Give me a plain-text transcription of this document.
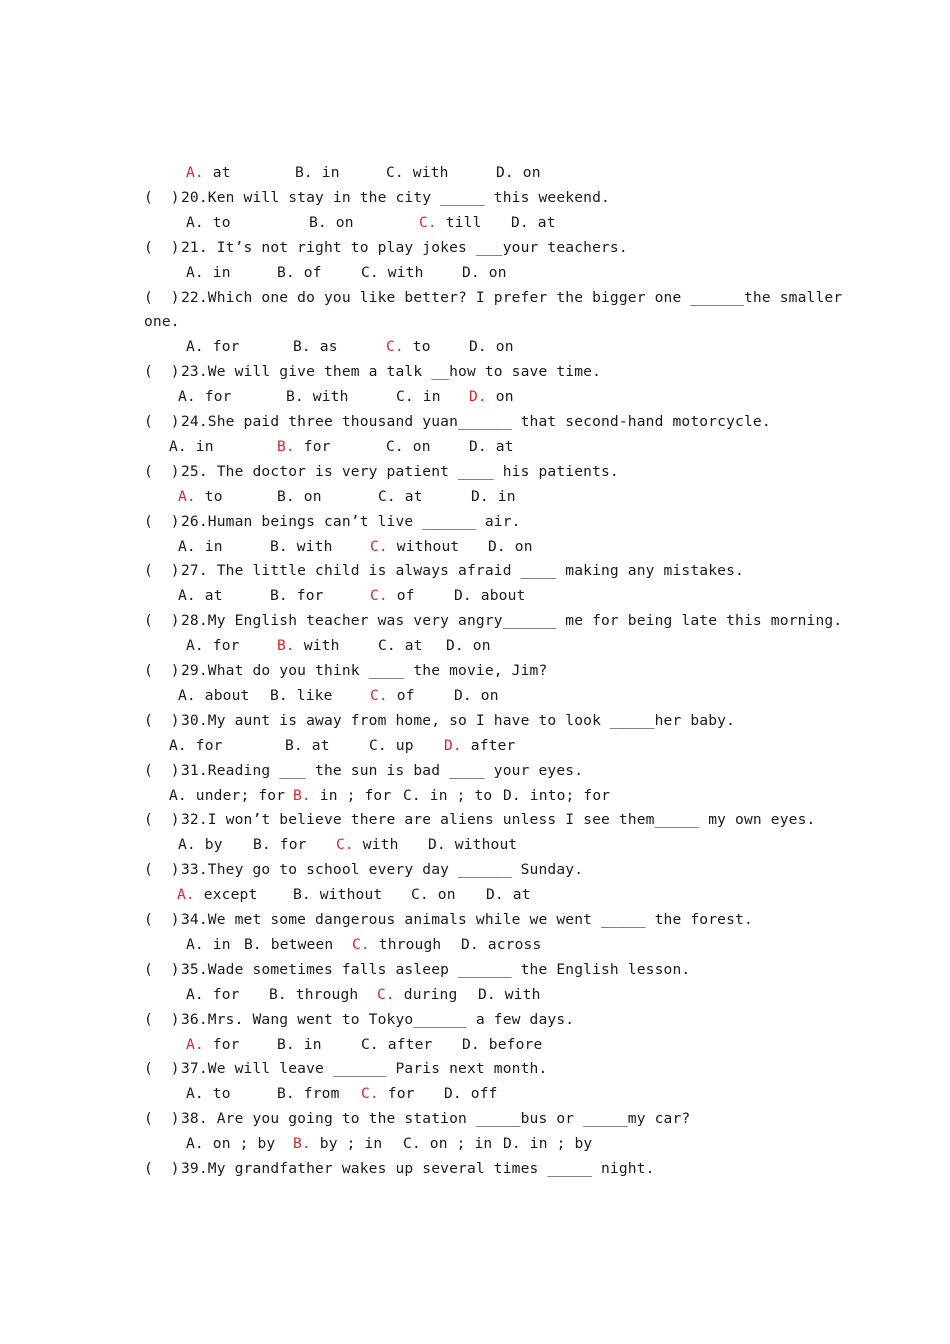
A. at	B. in	C. with	D. on
(  )20.Ken will stay in the city _____ this weekend.
A. to	B. on	C. till D. at
(  )21. It’s not right to play jokes ___your teachers.
A. in	B. of	C. with	D. on
(  )22.Which one do you like better? I prefer the bigger one ______the smaller
one.
A. for	B. as	C. to	D. on
(  )23.We will give them a talk __how to save time.
A. for	B. with	C. in D. on
(  )24.She paid three thousand yuan______ that second-hand motorcycle.
A. in	B. for	C. on	D. at
(  )25. The doctor is very patient ____ his patients.
A. to	B. on	C. at	D. in
(  )26.Human beings can’t live ______ air.
A. in	B. with	C. without D. on
(  )27. The little child is always afraid ____ making any mistakes.
A. at	B. for	C. of	D. about
(  )28.My English teacher was very angry______ me for being late this morning.
A. for	B. with	C. at D. on
(  )29.What do you think ____ the movie, Jim?
A. about B. like	C. of	D. on
(  )30.My aunt is away from home, so I have to look _____her baby.
A. for	B. at	C. up D. after
(  )31.Reading ___ the sun is bad ____ your eyes.
A. under; for B. in ; for C. in ; to D. into; for
(  )32.I won’t believe there are aliens unless I see them_____ my own eyes.
A. by B. for C. with D. without
(  )33.They go to school every day ______ Sunday.
A. except B. without C. on D. at
(  )34.We met some dangerous animals while we went _____ the forest.
A. in B. between C. through D. across
(  )35.Wade sometimes falls asleep ______ the English lesson.
A. for B. through C. during D. with
(  )36.Mrs. Wang went to Tokyo______ a few days.
A. for	B. in	C. after D. before
(  )37.We will leave ______ Paris next month.
A. to	B. from C. for D. off
(  )38. Are you going to the station _____bus or _____my car?
A. on ; by B. by ; in C. on ; in D. in ; by
(  )39.My grandfather wakes up several times _____ night.
